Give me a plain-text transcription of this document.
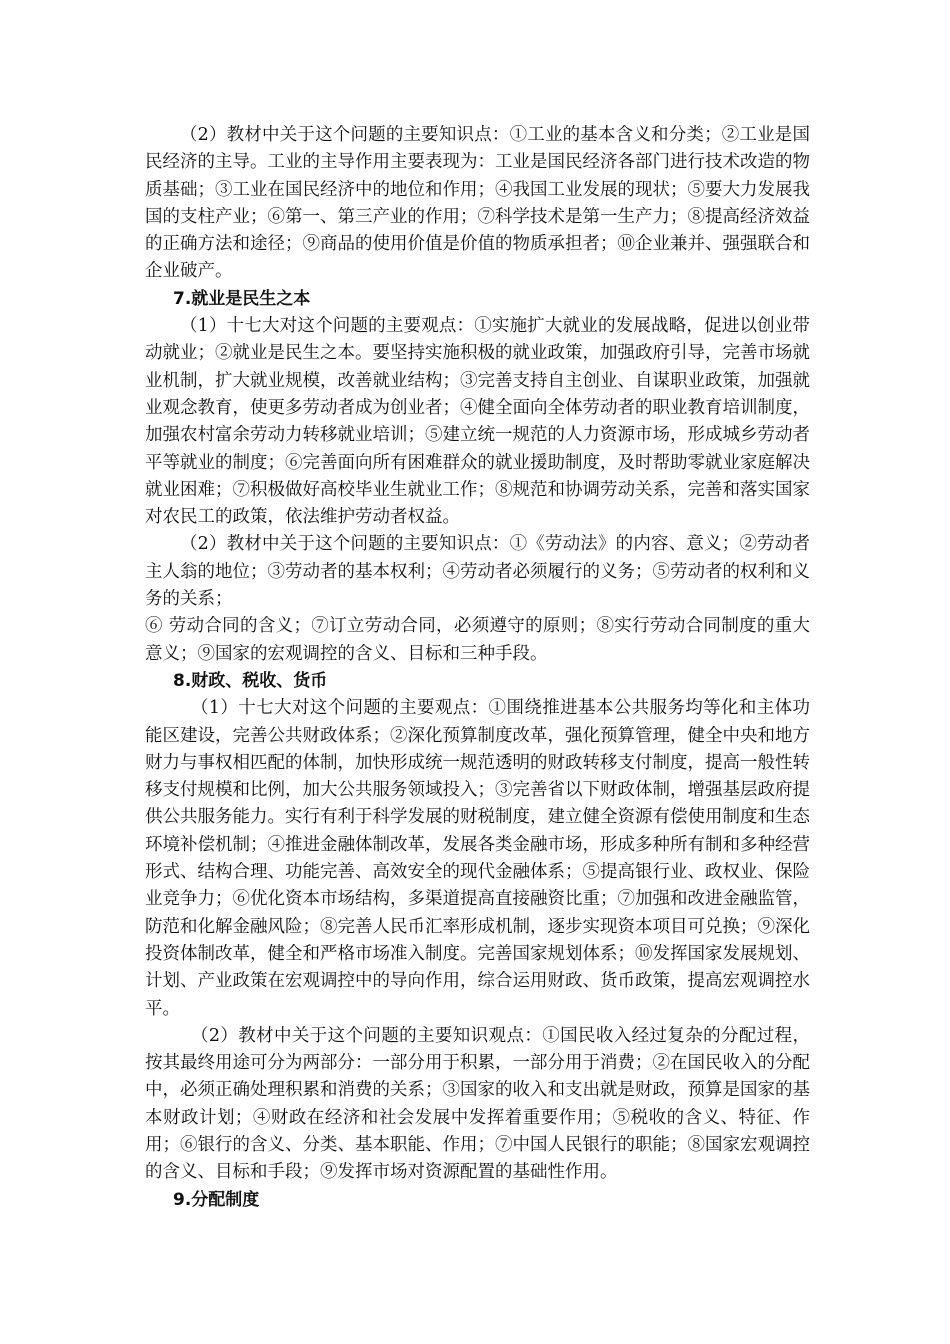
（2）教材中关于这个问题的主要知识点：①工业的基本含义和分类；②工业是国民经济的主导。工业的主导作用主要表现为：工业是国民经济各部门进行技术改造的物质基础；③工业在国民经济中的地位和作用；④我国工业发展的现状；⑤要大力发展我国的支柱产业；⑥第一、第三产业的作用；⑦科学技术是第一生产力；⑧提高经济效益的正确方法和途径；⑨商品的使用价值是价值的物质承担者；⑩企业兼并、强强联合和企业破产。

7.就业是民生之本

（1）十七大对这个问题的主要观点：①实施扩大就业的发展战略，促进以创业带动就业；②就业是民生之本。要坚持实施积极的就业政策，加强政府引导，完善市场就业机制，扩大就业规模，改善就业结构；③完善支持自主创业、自谋职业政策，加强就业观念教育，使更多劳动者成为创业者；④健全面向全体劳动者的职业教育培训制度，加强农村富余劳动力转移就业培训；⑤建立统一规范的人力资源市场，形成城乡劳动者平等就业的制度；⑥完善面向所有困难群众的就业援助制度，及时帮助零就业家庭解决就业困难；⑦积极做好高校毕业生就业工作；⑧规范和协调劳动关系，完善和落实国家对农民工的政策，依法维护劳动者权益。

（2）教材中关于这个问题的主要知识点：①《劳动法》的内容、意义；②劳动者主人翁的地位；③劳动者的基本权利；④劳动者必须履行的义务；⑤劳动者的权利和义务的关系；

⑥ 劳动合同的含义；⑦订立劳动合同，必须遵守的原则；⑧实行劳动合同制度的重大意义；⑨国家的宏观调控的含义、目标和三种手段。

8.财政、税收、货币

（1）十七大对这个问题的主要观点：①围绕推进基本公共服务均等化和主体功能区建设，完善公共财政体系；②深化预算制度改革，强化预算管理，健全中央和地方财力与事权相匹配的体制，加快形成统一规范透明的财政转移支付制度，提高一般性转移支付规模和比例，加大公共服务领域投入；③完善省以下财政体制，增强基层政府提供公共服务能力。实行有利于科学发展的财税制度，建立健全资源有偿使用制度和生态环境补偿机制；④推进金融体制改革，发展各类金融市场，形成多种所有制和多种经营形式、结构合理、功能完善、高效安全的现代金融体系；⑤提高银行业、政权业、保险业竞争力；⑥优化资本市场结构，多渠道提高直接融资比重；⑦加强和改进金融监管，防范和化解金融风险；⑧完善人民币汇率形成机制，逐步实现资本项目可兑换；⑨深化投资体制改革，健全和严格市场准入制度。完善国家规划体系；⑩发挥国家发展规划、计划、产业政策在宏观调控中的导向作用，综合运用财政、货币政策，提高宏观调控水平。

（2）教材中关于这个问题的主要知识观点：①国民收入经过复杂的分配过程，按其最终用途可分为两部分：一部分用于积累，一部分用于消费；②在国民收入的分配中，必须正确处理积累和消费的关系；③国家的收入和支出就是财政，预算是国家的基本财政计划；④财政在经济和社会发展中发挥着重要作用；⑤税收的含义、特征、作用；⑥银行的含义、分类、基本职能、作用；⑦中国人民银行的职能；⑧国家宏观调控的含义、目标和手段；⑨发挥市场对资源配置的基础性作用。

9.分配制度
